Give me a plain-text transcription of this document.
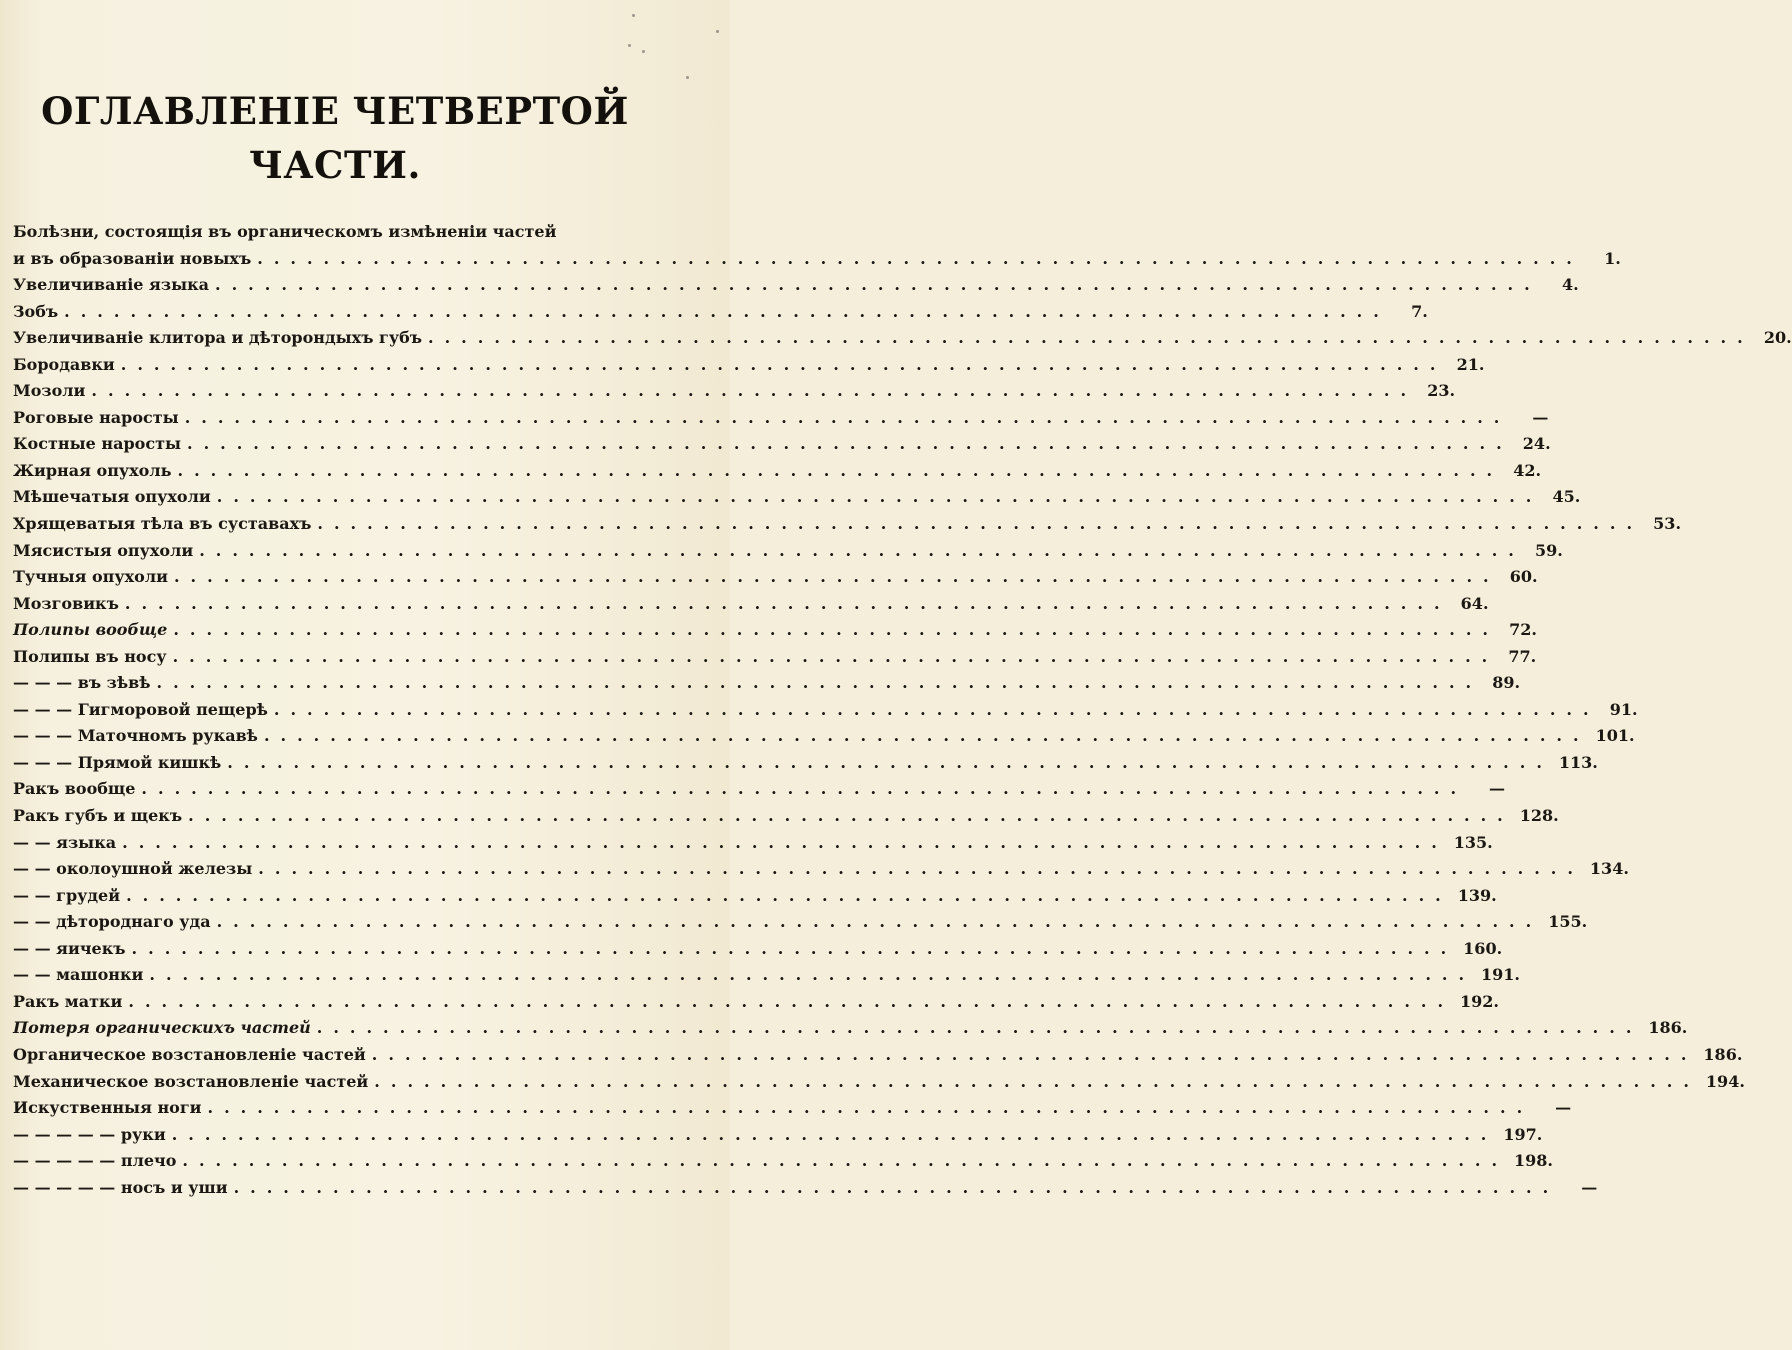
ОГЛАВЛЕНІЕ ЧЕТВЕРТОЙ
ЧАСТИ.
Болѣзни, состоящія въ органическомъ измѣненіи частей
и въ образованіи новыхъ ................................................................................	1.
Увеличиваніе языка ................................................................................	4.
Зобъ ................................................................................	7.
Увеличиваніе клитора и дѣторондыхъ губъ ................................................................................ 20.
Бородавки ................................................................................ 21.
Мозоли ................................................................................ 23.
Роговые наросты ................................................................................	—
Костные наросты ................................................................................ 24.
Жирная опухоль ................................................................................ 42.
Мѣшечатыя опухоли ................................................................................ 45.
Хрящеватыя тѣла въ суставахъ ................................................................................ 53.
Мясистыя опухоли ................................................................................ 59.
Тучныя опухоли ................................................................................ 60.
Мозговикъ ................................................................................ 64.
Полипы вообще ................................................................................ 72.
Полипы въ носу ................................................................................ 77.
— — — въ зѣвѣ ................................................................................ 89.
— — — Гигморовой пещерѣ ................................................................................ 91.
— — — Маточномъ рукавѣ ................................................................................ 101.
— — — Прямой кишкѣ ................................................................................ 113.
Ракъ вообще ................................................................................	—
Ракъ губъ и щекъ ................................................................................ 128.
— — языка ................................................................................ 135.
— — околоушной железы ................................................................................ 134.
— — грудей ................................................................................ 139.
— — дѣтороднаго уда ................................................................................ 155.
— — яичекъ ................................................................................ 160.
— — машонки ................................................................................ 191.
Ракъ матки ................................................................................ 192.
Потеря органическихъ частей ................................................................................ 186.
Органическое возстановленіе частей ................................................................................ 186.
Механическое возстановленіе частей ................................................................................ 194.
Искуственныя ноги ................................................................................	—
— — — — — руки ................................................................................ 197.
— — — — — плечо ................................................................................ 198.
— — — — — носъ и уши ................................................................................	—
